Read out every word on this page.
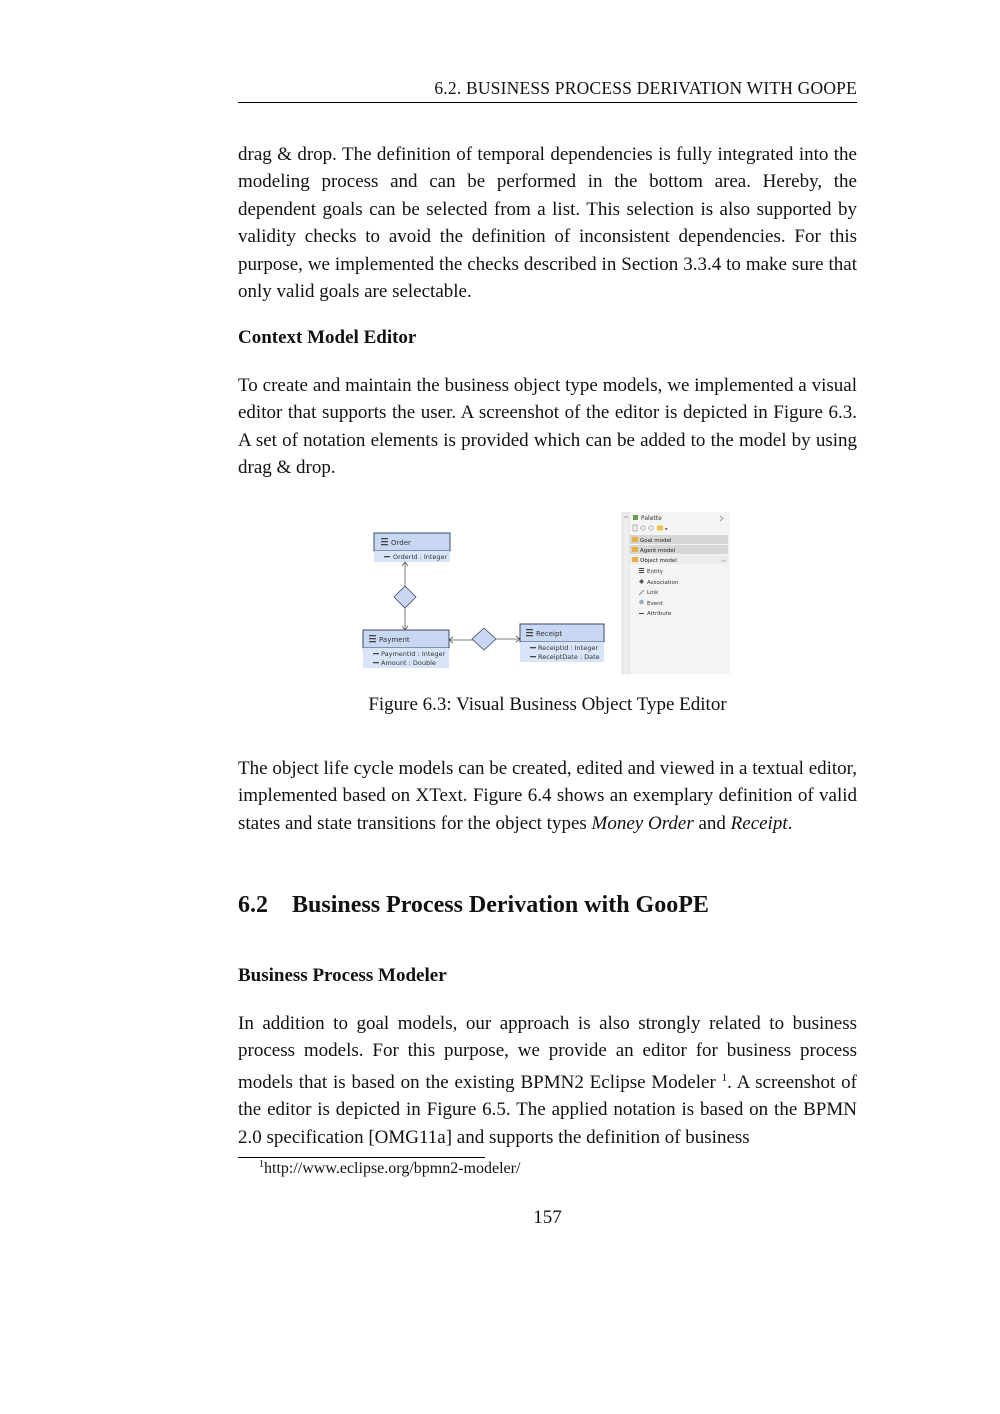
6.2. BUSINESS PROCESS DERIVATION WITH GOOPE

drag & drop. The definition of temporal dependencies is fully integrated into the modeling process and can be performed in the bottom area. Hereby, the dependent goals can be selected from a list. This selection is also supported by validity checks to avoid the definition of inconsistent dependencies. For this purpose, we implemented the checks described in Section 3.3.4 to make sure that only valid goals are selectable.

Context Model Editor

To create and maintain the business object type models, we implemented a visual editor that supports the user. A screenshot of the editor is depicted in Figure 6.3. A set of notation elements is provided which can be added to the model by using drag & drop.

Order
OrderId : Integer
Payment
PaymentId : Integer
Amount : Double
Receipt
ReceiptId : Integer
ReceiptDate : Date
Palette
▾
Goal model
Agent model
Object model	◃◃
Entity
Association
Link
Event
Attribute
Figure 6.3: Visual Business Object Type Editor

The object life cycle models can be created, edited and viewed in a textual editor, implemented based on XText. Figure 6.4 shows an exemplary definition of valid states and state transitions for the object types Money Order and Receipt.

6.2 Business Process Derivation with GooPE
Business Process Modeler

In addition to goal models, our approach is also strongly related to business process models. For this purpose, we provide an editor for business process models that is based on the existing BPMN2 Eclipse Modeler $^1$. A screenshot of the editor is depicted in Figure 6.5. The applied notation is based on the BPMN 2.0 specification [OMG11a] and supports the definition of business

$^1$http://www.eclipse.org/bpmn2-modeler/
157
